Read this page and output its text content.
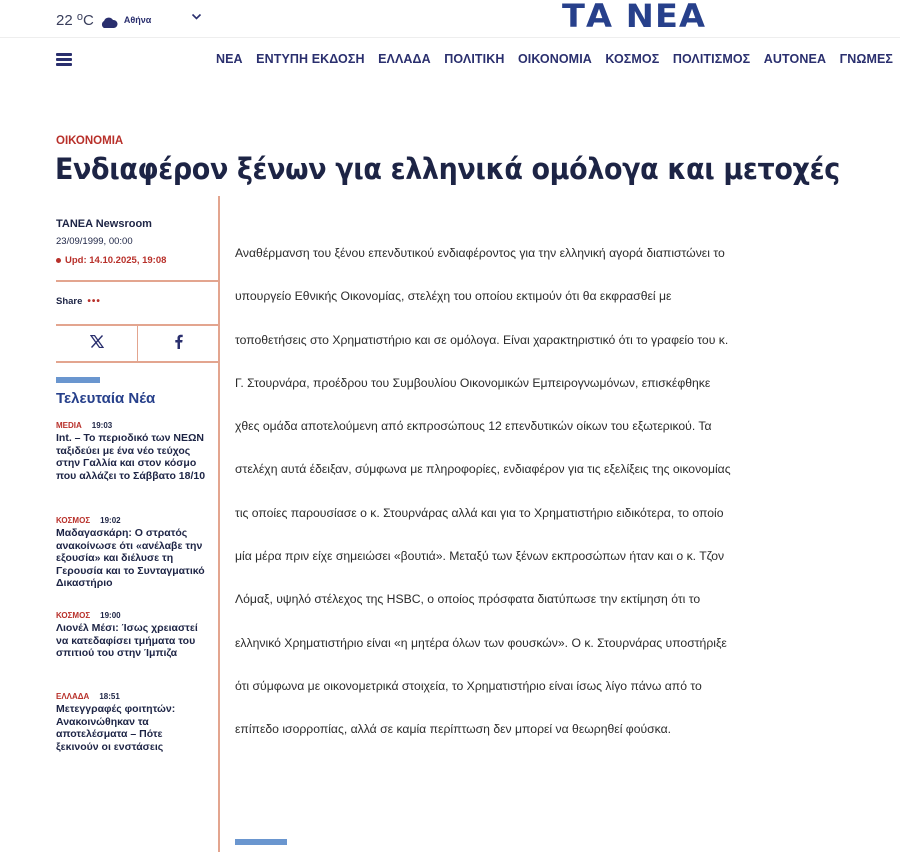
22 $^o$C	Αθήνα	ΤΑ ΝΕΑ
ΝΕΑ ΕΝΤΥΠΗ ΕΚΔΟΣΗ ΕΛΛΑΔΑ ΠΟΛΙΤΙΚΗ ΟΙΚΟΝΟΜΙΑ ΚΟΣΜΟΣ ΠΟΛΙΤΙΣΜΟΣ AUTONEA ΓΝΩΜΕΣ
ΟΙΚΟΝΟΜΙΑ
Ενδιαφέρον ξένων για ελληνικά ομόλογα και μετοχές
TANEA Newsroom
23/09/1999, 00:00
Upd: 14.10.2025, 19:08
Share •••
Τελευταία Νέα
MEDIA 19:03
Int. – Το περιοδικό των ΝΕΩΝ ταξιδεύει με ένα νέο τεύχος στην Γαλλία και στον κόσμο που αλλάζει το Σάββατο 18/10
ΚΟΣΜΟΣ 19:02
Μαδαγασκάρη: Ο στρατός ανακοίνωσε ότι «ανέλαβε την εξουσία» και διέλυσε τη Γερουσία και το Συνταγματικό Δικαστήριο
ΚΟΣΜΟΣ 19:00
Λιονέλ Μέσι: Ίσως χρειαστεί να κατεδαφίσει τμήματα του σπιτιού του στην Ίμπιζα
ΕΛΛΑΔΑ 18:51
Μετεγγραφές φοιτητών: Ανακοινώθηκαν τα αποτελέσματα – Πότε ξεκινούν οι ενστάσεις

Αναθέρμανση του ξένου επενδυτικού ενδιαφέροντος για την ελληνική αγορά διαπιστώνει το υπουργείο Εθνικής Οικονομίας, στελέχη του οποίου εκτιμούν ότι θα εκφρασθεί με τοποθετήσεις στο Χρηματιστήριο και σε ομόλογα. Είναι χαρακτηριστικό ότι το γραφείο του κ. Γ. Στουρνάρα, προέδρου του Συμβουλίου Οικονομικών Εμπειρογνωμόνων, επισκέφθηκε χθες ομάδα αποτελούμενη από εκπροσώπους 12 επενδυτικών οίκων του εξωτερικού. Τα στελέχη αυτά έδειξαν, σύμφωνα με πληροφορίες, ενδιαφέρον για τις εξελίξεις της οικονομίας τις οποίες παρουσίασε ο κ. Στουρνάρας αλλά και για το Χρηματιστήριο ειδικότερα, το οποίο μία μέρα πριν είχε σημειώσει «βουτιά». Μεταξύ των ξένων εκπροσώπων ήταν και ο κ. Τζον Λόμαξ, υψηλό στέλεχος της HSBC, ο οποίος πρόσφατα διατύπωσε την εκτίμηση ότι το ελληνικό Χρηματιστήριο είναι «η μητέρα όλων των φουσκών». Ο κ. Στουρνάρας υποστήριξε ότι σύμφωνα με οικονομετρικά στοιχεία, το Χρηματιστήριο είναι ίσως λίγο πάνω από το επίπεδο ισορροπίας, αλλά σε καμία περίπτωση δεν μπορεί να θεωρηθεί φούσκα.
